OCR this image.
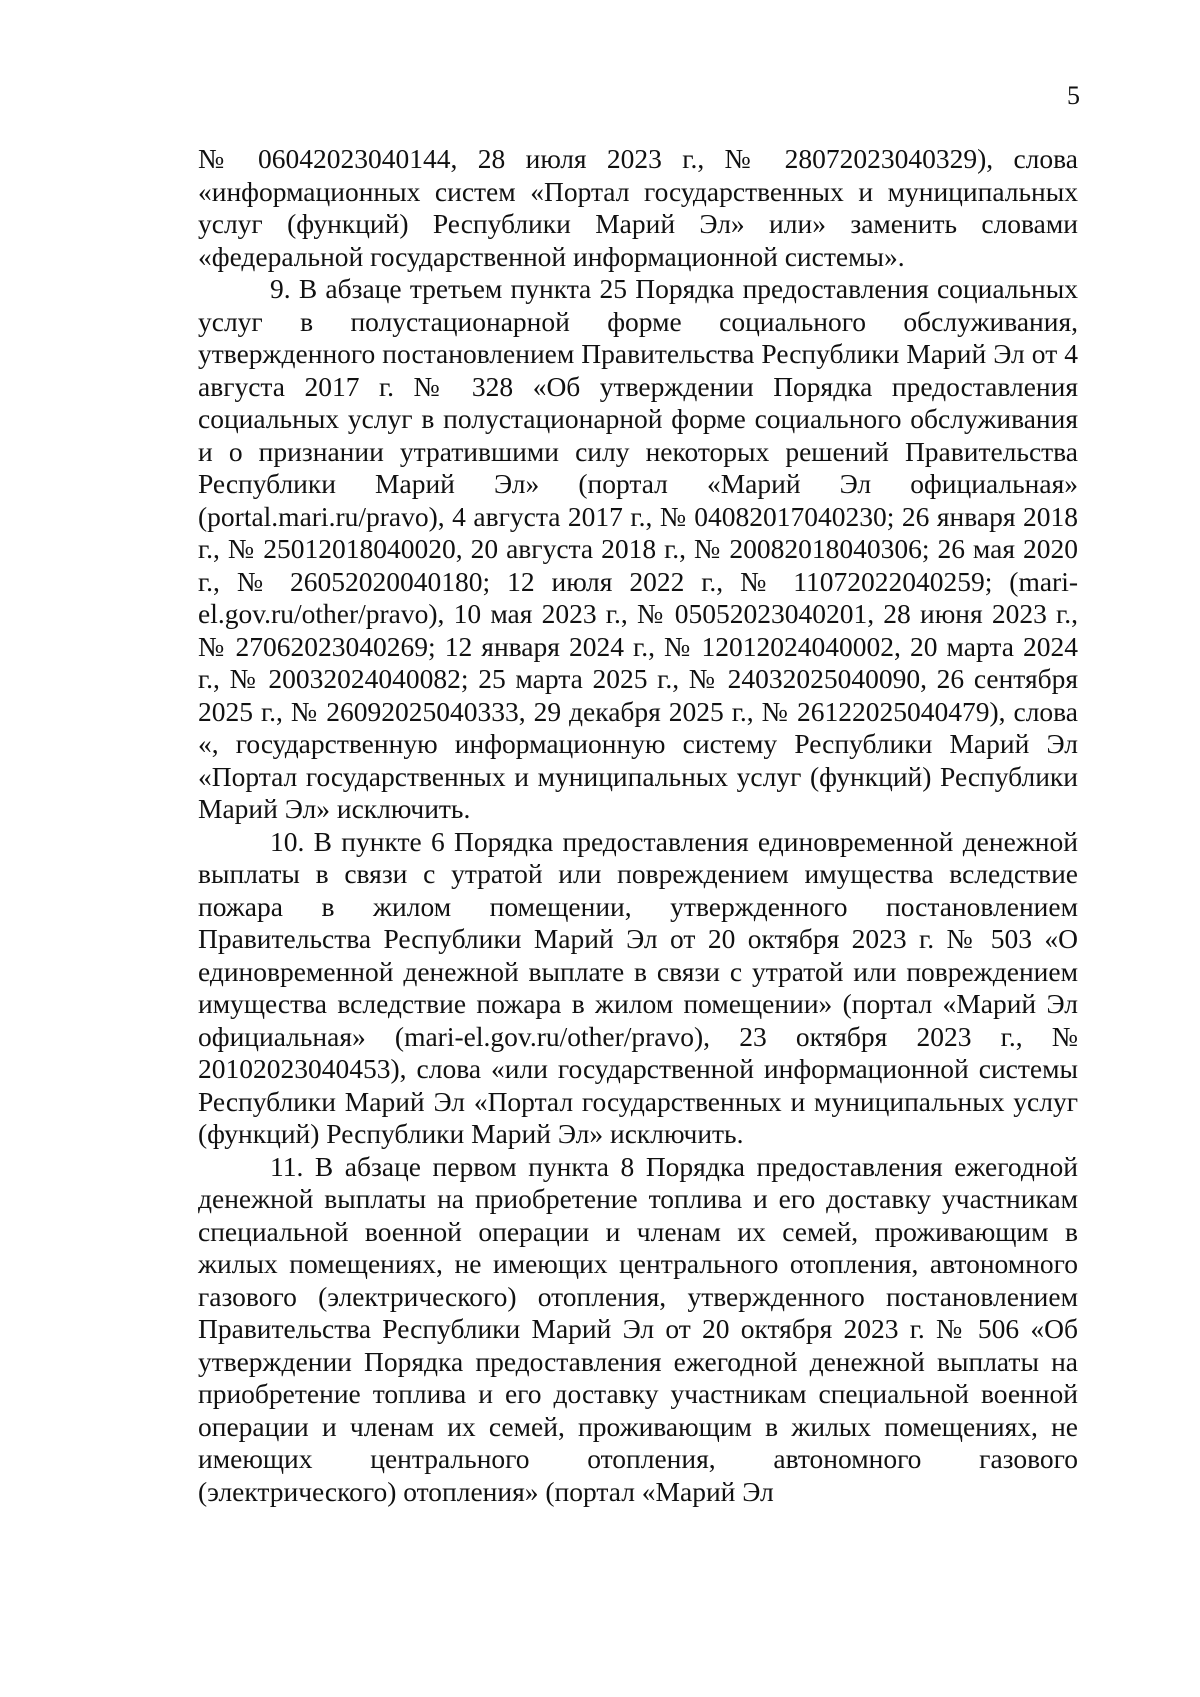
5

№ 06042023040144, 28 июля 2023 г., № 28072023040329), слова «информационных систем «Портал государственных и муниципальных услуг (функций) Республики Марий Эл» или» заменить словами «федеральной государственной информационной системы».

9. В абзаце третьем пункта 25 Порядка предоставления социальных услуг в полустационарной форме социального обслуживания, утвержденного постановлением Правительства Республики Марий Эл от 4 августа 2017 г. № 328 «Об утверждении Порядка предоставления социальных услуг в полустационарной форме социального обслуживания и о признании утратившими силу некоторых решений Правительства Республики Марий Эл» (портал «Марий Эл официальная» (portal.mari.ru/pravo), 4 августа 2017 г., № 04082017040230; 26 января 2018 г., № 25012018040020, 20 августа 2018 г., № 20082018040306; 26 мая 2020 г., № 26052020040180; 12 июля 2022 г., № 11072022040259; (mari-el.gov.ru/other/pravo), 10 мая 2023 г., № 05052023040201, 28 июня 2023 г., № 27062023040269; 12 января 2024 г., № 12012024040002, 20 марта 2024 г., № 20032024040082; 25 марта 2025 г., № 24032025040090, 26 сентября 2025 г., № 26092025040333, 29 декабря 2025 г., № 26122025040479), слова «, государственную информационную систему Республики Марий Эл «Портал государственных и муниципальных услуг (функций) Республики Марий Эл» исключить.

10. В пункте 6 Порядка предоставления единовременной денежной выплаты в связи с утратой или повреждением имущества вследствие пожара в жилом помещении, утвержденного постановлением Правительства Республики Марий Эл от 20 октября 2023 г. № 503 «О единовременной денежной выплате в связи с утратой или повреждением имущества вследствие пожара в жилом помещении» (портал «Марий Эл официальная» (mari-el.gov.ru/other/pravo), 23 октября 2023 г., № 20102023040453), слова «или государственной информационной системы Республики Марий Эл «Портал государственных и муниципальных услуг (функций) Республики Марий Эл» исключить.

11. В абзаце первом пункта 8 Порядка предоставления ежегодной денежной выплаты на приобретение топлива и его доставку участникам специальной военной операции и членам их семей, проживающим в жилых помещениях, не имеющих центрального отопления, автономного газового (электрического) отопления, утвержденного постановлением Правительства Республики Марий Эл от 20 октября 2023 г. № 506 «Об утверждении Порядка предоставления ежегодной денежной выплаты на приобретение топлива и его доставку участникам специальной военной операции и членам их семей, проживающим в жилых помещениях, не имеющих центрального отопления, автономного газового (электрического) отопления» (портал «Марий Эл
